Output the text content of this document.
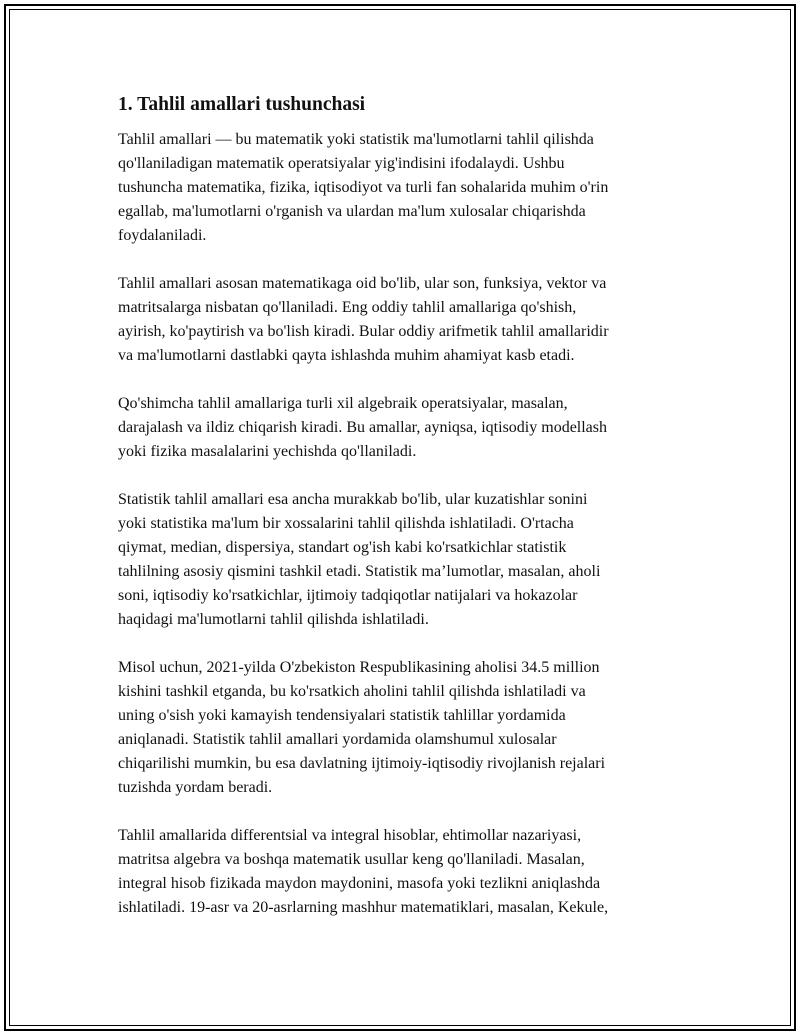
1. Tahlil amallari tushunchasi

Tahlil amallari — bu matematik yoki statistik ma'lumotlarni tahlil qilishda
qo'llaniladigan matematik operatsiyalar yig'indisini ifodalaydi. Ushbu
tushuncha matematika, fizika, iqtisodiyot va turli fan sohalarida muhim o'rin
egallab, ma'lumotlarni o'rganish va ulardan ma'lum xulosalar chiqarishda
foydalaniladi.

Tahlil amallari asosan matematikaga oid bo'lib, ular son, funksiya, vektor va
matritsalarga nisbatan qo'llaniladi. Eng oddiy tahlil amallariga qo'shish,
ayirish, ko'paytirish va bo'lish kiradi. Bular oddiy arifmetik tahlil amallaridir
va ma'lumotlarni dastlabki qayta ishlashda muhim ahamiyat kasb etadi.

Qo'shimcha tahlil amallariga turli xil algebraik operatsiyalar, masalan,
darajalash va ildiz chiqarish kiradi. Bu amallar, ayniqsa, iqtisodiy modellash
yoki fizika masalalarini yechishda qo'llaniladi.

Statistik tahlil amallari esa ancha murakkab bo'lib, ular kuzatishlar sonini
yoki statistika ma'lum bir xossalarini tahlil qilishda ishlatiladi. O'rtacha
qiymat, median, dispersiya, standart og'ish kabi ko'rsatkichlar statistik
tahlilning asosiy qismini tashkil etadi. Statistik ma’lumotlar, masalan, aholi
soni, iqtisodiy ko'rsatkichlar, ijtimoiy tadqiqotlar natijalari va hokazolar
haqidagi ma'lumotlarni tahlil qilishda ishlatiladi.

Misol uchun, 2021-yilda O'zbekiston Respublikasining aholisi 34.5 million
kishini tashkil etganda, bu ko'rsatkich aholini tahlil qilishda ishlatiladi va
uning o'sish yoki kamayish tendensiyalari statistik tahlillar yordamida
aniqlanadi. Statistik tahlil amallari yordamida olamshumul xulosalar
chiqarilishi mumkin, bu esa davlatning ijtimoiy-iqtisodiy rivojlanish rejalari
tuzishda yordam beradi.

Tahlil amallarida differentsial va integral hisoblar, ehtimollar nazariyasi,
matritsa algebra va boshqa matematik usullar keng qo'llaniladi. Masalan,
integral hisob fizikada maydon maydonini, masofa yoki tezlikni aniqlashda
ishlatiladi. 19-asr va 20-asrlarning mashhur matematiklari, masalan, Kekule,
